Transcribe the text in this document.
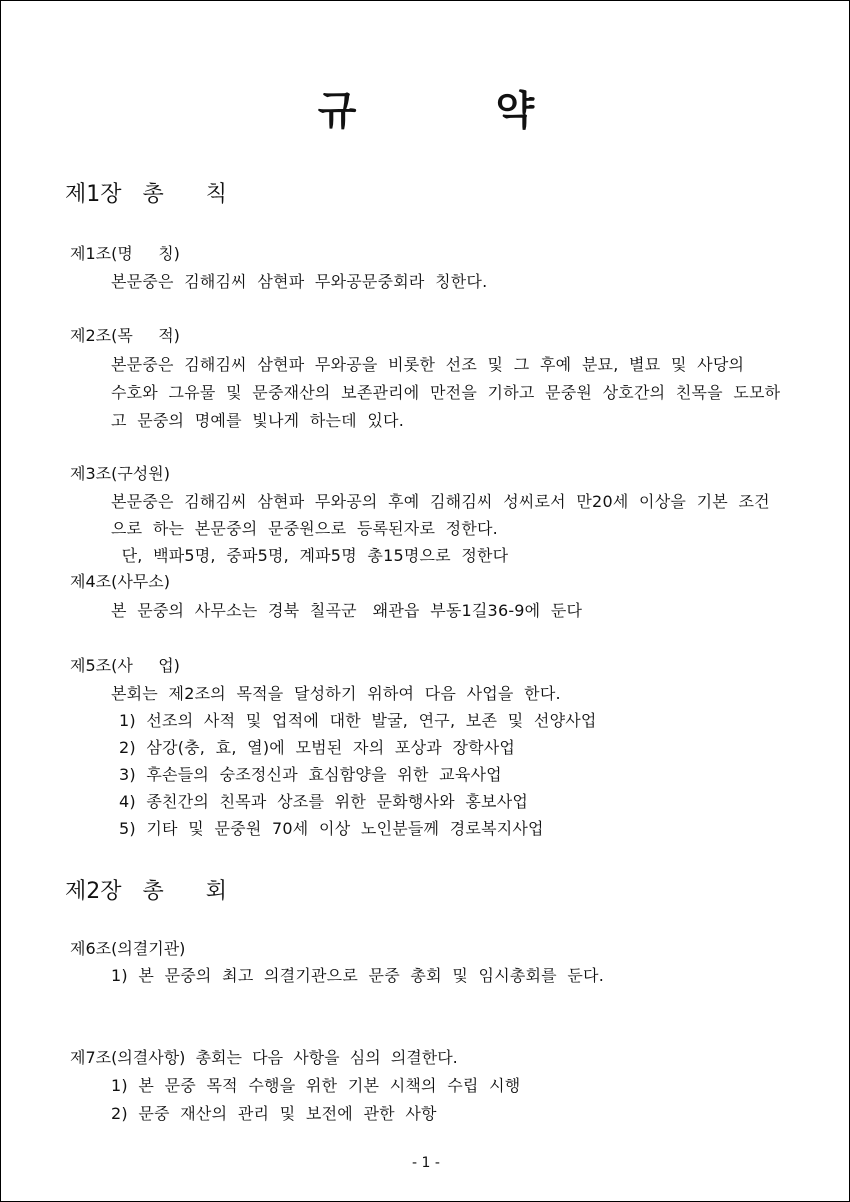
규          약
제1장   총      칙
제1조(명     칭)
본문중은  김해김씨  삼현파  무와공문중회라  칭한다.
제2조(목     적)
본문중은  김해김씨  삼현파  무와공을  비롯한  선조  및  그  후예  분묘,  별묘  및  사당의
수호와  그유물  및  문중재산의  보존관리에  만전을  기하고  문중원  상호간의  친목을  도모하
고  문중의  명예를  빛나게  하는데  있다.
제3조(구성원)
본문중은  김해김씨  삼현파  무와공의  후예  김해김씨  성씨로서  만20세  이상을  기본  조건
으로  하는  본문중의  문중원으로  등록된자로  정한다.
단,  백파5명,  중파5명,  계파5명  총15명으로  정한다
제4조(사무소)
본  문중의  사무소는  경북  칠곡군   왜관읍  부동1길36-9에  둔다
제5조(사     업)
본회는  제2조의  목적을  달성하기  위하여  다음  사업을  한다.
1)  선조의  사적  및  업적에  대한  발굴,  연구,  보존  및  선양사업
2)  삼강(충,  효,  열)에  모범된  자의  포상과  장학사업
3)  후손들의  숭조정신과  효심함양을  위한  교육사업
4)  종친간의  친목과  상조를  위한  문화행사와  홍보사업
5)  기타  및  문중원  70세  이상  노인분들께  경로복지사업
제2장   총      회
제6조(의결기관)
1)  본  문중의  최고  의결기관으로  문중  총회  및  임시총회를  둔다.
제7조(의결사항)  총회는  다음  사항을  심의  의결한다.
1)  본  문중  목적  수행을  위한  기본  시책의  수립  시행
2)  문중  재산의  관리  및  보전에  관한  사항
- 1 -
